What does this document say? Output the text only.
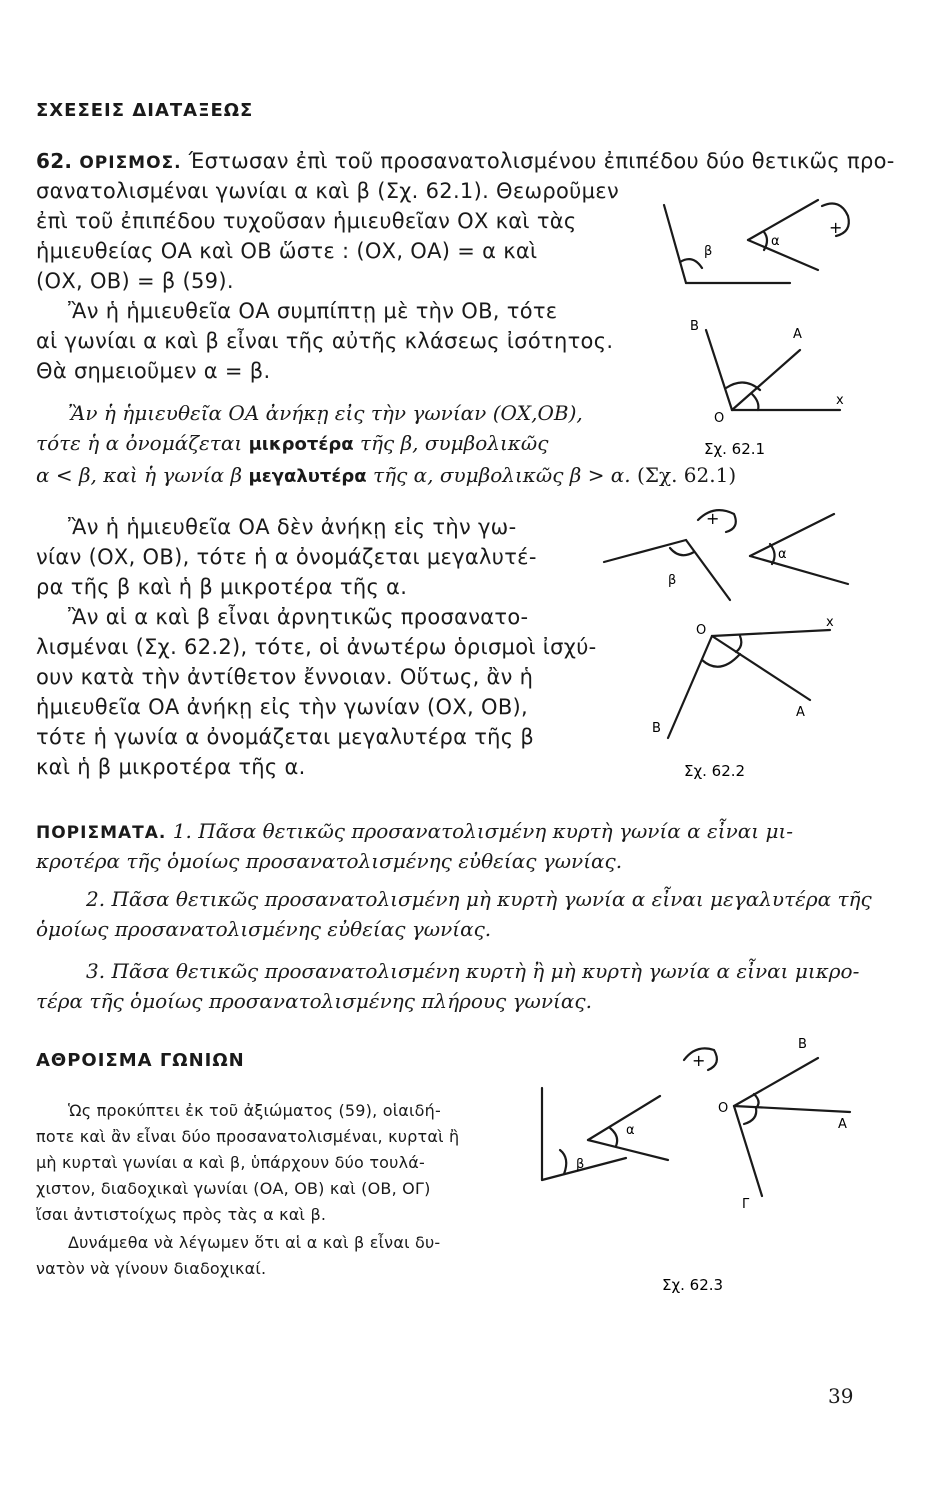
ΣΧΕΣΕΙΣ ΔΙΑΤΑΞΕΩΣ
62. ΟΡΙΣΜΟΣ. Έστωσαν ἐπὶ τοῦ προσανατολισμένου ἐπιπέδου δύο θετικῶς προ-
σανατολισμέναι γωνίαι α καὶ β (Σχ. 62.1). Θεωροῦμεν
ἐπὶ τοῦ ἐπιπέδου τυχοῦσαν ἡμιευθεῖαν ΟΧ καὶ τὰς
ἡμιευθείας ΟΑ καὶ ΟΒ ὥστε : (ΟΧ, ΟΑ) = α καὶ
(ΟΧ, ΟΒ) = β (59).
Ἂν ἡ ἡμιευθεῖα ΟΑ συμπίπτῃ μὲ τὴν ΟΒ, τότε
αἱ γωνίαι α καὶ β εἶναι τῆς αὐτῆς κλάσεως ἰσότητος.
Θὰ σημειοῦμεν α = β.
Ἂν ἡ ἡμιευθεῖα ΟΑ ἀνήκῃ εἰς τὴν γωνίαν (ΟΧ,ΟΒ),
τότε ἡ α ὀνομάζεται μικροτέρα τῆς β, συμβολικῶς
α < β, καὶ ἡ γωνία β μεγαλυτέρα τῆς α, συμβολικῶς β > α. (Σχ. 62.1)
Ἂν ἡ ἡμιευθεῖα ΟΑ δὲν ἀνήκῃ εἰς τὴν γω-
νίαν (ΟΧ, ΟΒ), τότε ἡ α ὀνομάζεται μεγαλυτέ-
ρα τῆς β καὶ ἡ β μικροτέρα τῆς α.
Ἂν αἱ α καὶ β εἶναι ἀρνητικῶς προσανατο-
λισμέναι (Σχ. 62.2), τότε, οἱ ἀνωτέρω ὁρισμοὶ ἰσχύ-
ουν κατὰ τὴν ἀντίθετον ἔννοιαν. Οὕτως, ἂν ἡ
ἡμιευθεῖα ΟΑ ἀνήκῃ εἰς τὴν γωνίαν (ΟΧ, ΟΒ),
τότε ἡ γωνία α ὀνομάζεται μεγαλυτέρα τῆς β
καὶ ἡ β μικροτέρα τῆς α.
ΠΟΡΙΣΜΑΤΑ. 1. Πᾶσα θετικῶς προσανατολισμένη κυρτὴ γωνία α εἶναι μι-
κροτέρα τῆς ὁμοίως προσανατολισμένης εὐθείας γωνίας.
2. Πᾶσα θετικῶς προσανατολισμένη μὴ κυρτὴ γωνία α εἶναι μεγαλυτέρα τῆς
ὁμοίως προσανατολισμένης εὐθείας γωνίας.
3. Πᾶσα θετικῶς προσανατολισμένη κυρτὴ ἢ μὴ κυρτὴ γωνία α εἶναι μικρο-
τέρα τῆς ὁμοίως προσανατολισμένης πλήρους γωνίας.
ΑΘΡΟΙΣΜΑ ΓΩΝΙΩΝ
Ὡς προκύπτει ἐκ τοῦ ἀξιώματος (59), οἱαιδή-
ποτε καὶ ἂν εἶναι δύο προσανατολισμέναι, κυρταὶ ἢ
μὴ κυρταὶ γωνίαι α καὶ β, ὑπάρχουν δύο τουλά-
χιστον, διαδοχικαὶ γωνίαι (ΟΑ, ΟΒ) καὶ (ΟΒ, ΟΓ)
ἴσαι ἀντιστοίχως πρὸς τὰς α καὶ β.
Δυνάμεθα νὰ λέγωμεν ὅτι αἱ α καὶ β εἶναι δυ-
νατὸν νὰ γίνουν διαδοχικαί.
39
β
α
+
Β
Α
Ο
x
Σχ. 62.1
β
α
+
Ο
x
Α
Β
Σχ. 62.2
β
α
+
Β
Ο
Α
Γ
Σχ. 62.3
